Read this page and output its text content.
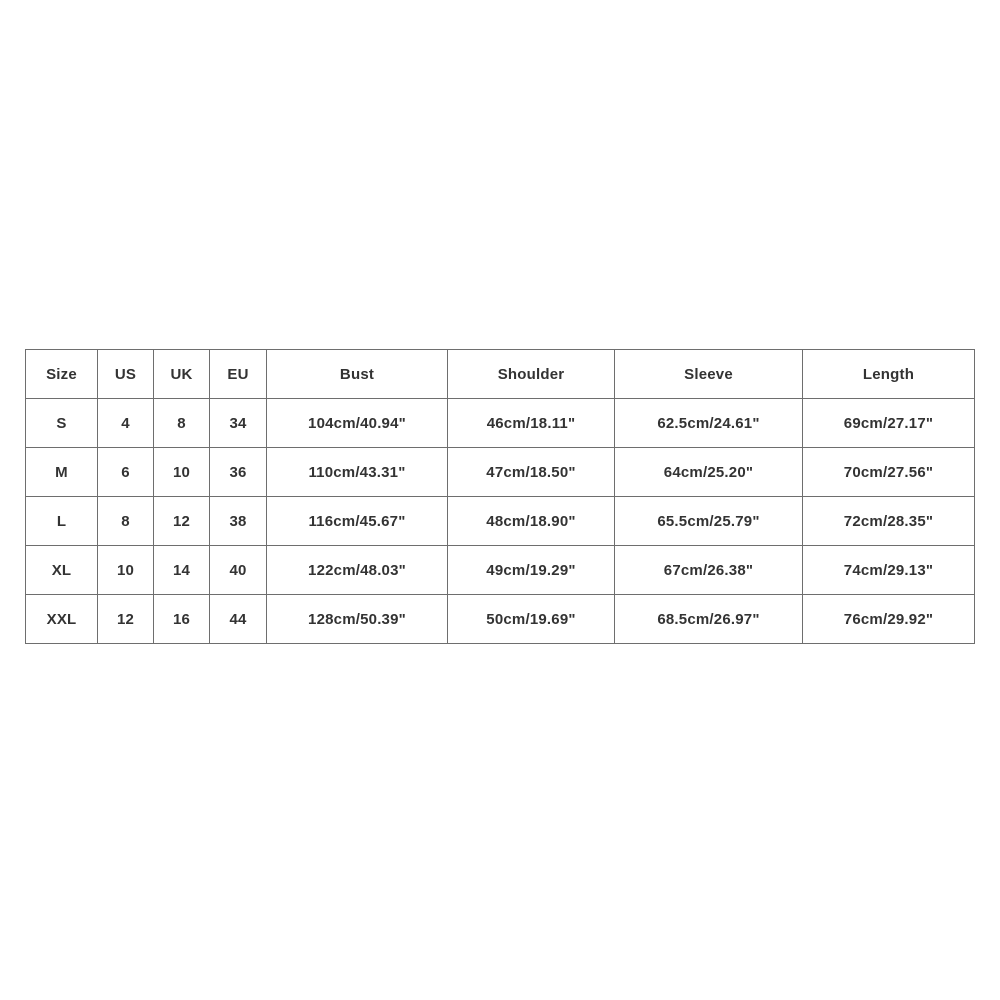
Size	US	UK	EU	Bust	Shoulder	Sleeve	Length
S	4	8	34	104cm/40.94"	46cm/18.11"	62.5cm/24.61"	69cm/27.17"
M	6	10	36	110cm/43.31"	47cm/18.50"	64cm/25.20"	70cm/27.56"
L	8	12	38	116cm/45.67"	48cm/18.90"	65.5cm/25.79"	72cm/28.35"
XL	10	14	40	122cm/48.03"	49cm/19.29"	67cm/26.38"	74cm/29.13"
XXL	12	16	44	128cm/50.39"	50cm/19.69"	68.5cm/26.97"	76cm/29.92"
